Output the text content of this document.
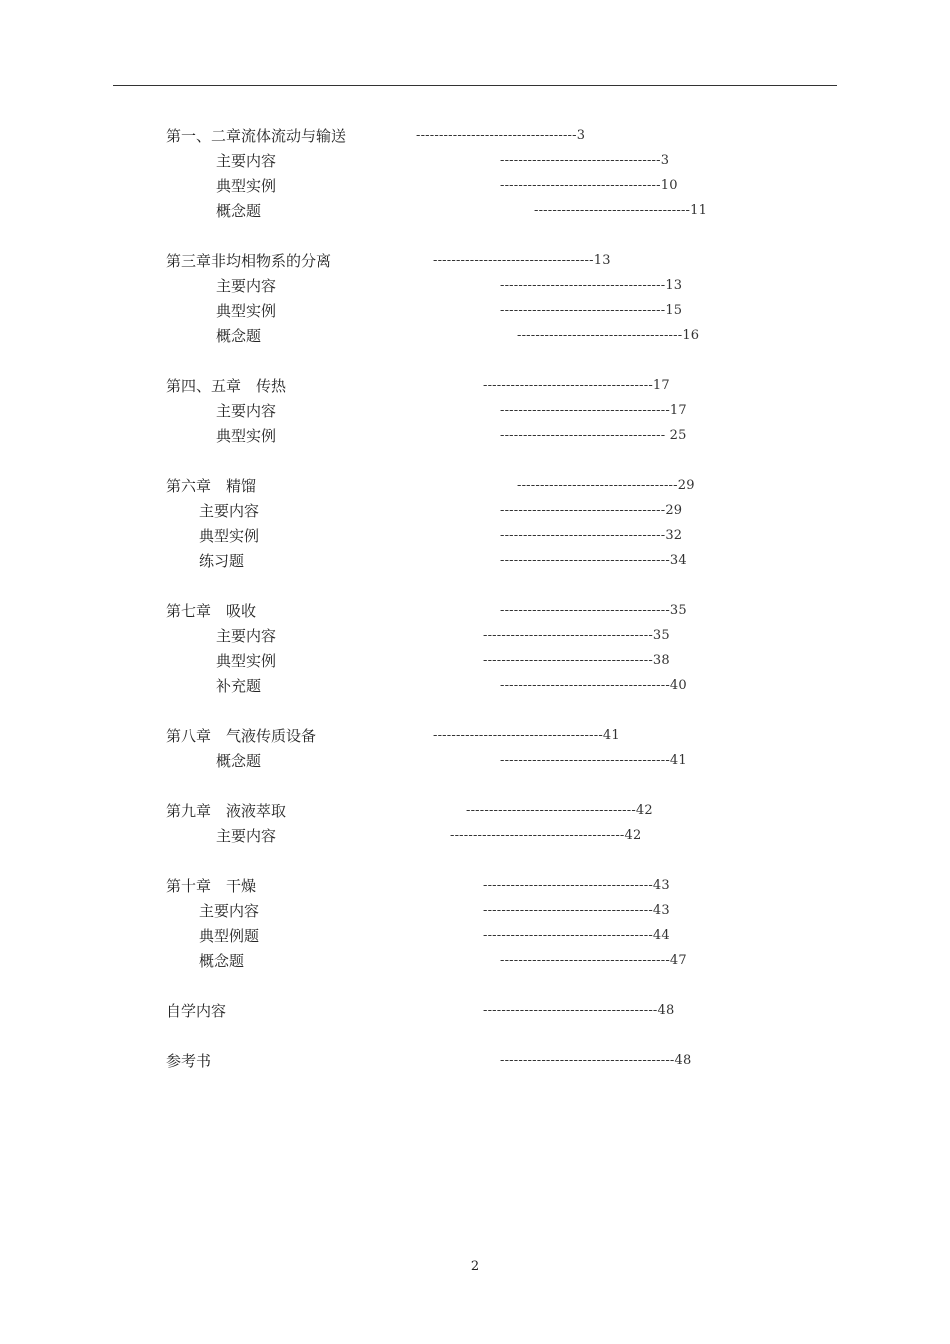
第一、二章流体流动与输送	-----------------------------------3
主要内容	-----------------------------------3
典型实例	-----------------------------------10
概念题	----------------------------------11
第三章非均相物系的分离	-----------------------------------13
主要内容	------------------------------------13
典型实例	------------------------------------15
概念题	------------------------------------16
第四、五章　传热	-------------------------------------17
主要内容	-------------------------------------17
典型实例	------------------------------------ 25
第六章　精馏	-----------------------------------29
主要内容	------------------------------------29
典型实例	------------------------------------32
练习题	-------------------------------------34
第七章　吸收	-------------------------------------35
主要内容	-------------------------------------35
典型实例	-------------------------------------38
补充题	-------------------------------------40
第八章　气液传质设备	-------------------------------------41
概念题	-------------------------------------41
第九章　液液萃取	-------------------------------------42
主要内容	--------------------------------------42
第十章　干燥	-------------------------------------43
主要内容	-------------------------------------43
典型例题	-------------------------------------44
概念题	-------------------------------------47
自学内容	--------------------------------------48
参考书	--------------------------------------48
2
